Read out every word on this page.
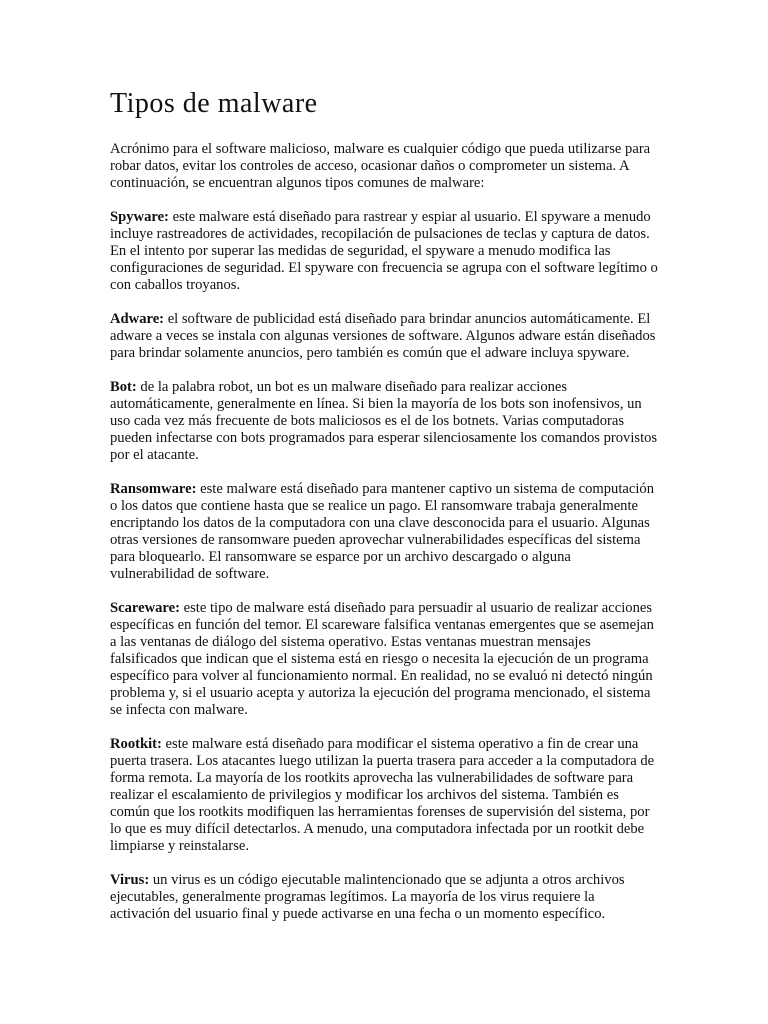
Tipos de malware

Acrónimo para el software malicioso, malware es cualquier código que pueda utilizarse para robar datos, evitar los controles de acceso, ocasionar daños o comprometer un sistema. A continuación, se encuentran algunos tipos comunes de malware:

Spyware: este malware está diseñado para rastrear y espiar al usuario. El spyware a menudo incluye rastreadores de actividades, recopilación de pulsaciones de teclas y captura de datos. En el intento por superar las medidas de seguridad, el spyware a menudo modifica las configuraciones de seguridad. El spyware con frecuencia se agrupa con el software legítimo o con caballos troyanos.

Adware: el software de publicidad está diseñado para brindar anuncios automáticamente. El adware a veces se instala con algunas versiones de software. Algunos adware están diseñados para brindar solamente anuncios, pero también es común que el adware incluya spyware.

Bot: de la palabra robot, un bot es un malware diseñado para realizar acciones automáticamente, generalmente en línea. Si bien la mayoría de los bots son inofensivos, un uso cada vez más frecuente de bots maliciosos es el de los botnets. Varias computadoras pueden infectarse con bots programados para esperar silenciosamente los comandos provistos por el atacante.

Ransomware: este malware está diseñado para mantener captivo un sistema de computación o los datos que contiene hasta que se realice un pago. El ransomware trabaja generalmente encriptando los datos de la computadora con una clave desconocida para el usuario. Algunas otras versiones de ransomware pueden aprovechar vulnerabilidades específicas del sistema para bloquearlo. El ransomware se esparce por un archivo descargado o alguna vulnerabilidad de software.

Scareware: este tipo de malware está diseñado para persuadir al usuario de realizar acciones específicas en función del temor. El scareware falsifica ventanas emergentes que se asemejan a las ventanas de diálogo del sistema operativo. Estas ventanas muestran mensajes falsificados que indican que el sistema está en riesgo o necesita la ejecución de un programa específico para volver al funcionamiento normal. En realidad, no se evaluó ni detectó ningún problema y, si el usuario acepta y autoriza la ejecución del programa mencionado, el sistema se infecta con malware.

Rootkit: este malware está diseñado para modificar el sistema operativo a fin de crear una puerta trasera. Los atacantes luego utilizan la puerta trasera para acceder a la computadora de forma remota. La mayoría de los rootkits aprovecha las vulnerabilidades de software para realizar el escalamiento de privilegios y modificar los archivos del sistema. También es común que los rootkits modifiquen las herramientas forenses de supervisión del sistema, por lo que es muy difícil detectarlos. A menudo, una computadora infectada por un rootkit debe limpiarse y reinstalarse.

Virus: un virus es un código ejecutable malintencionado que se adjunta a otros archivos ejecutables, generalmente programas legítimos. La mayoría de los virus requiere la activación del usuario final y puede activarse en una fecha o un momento específico.
